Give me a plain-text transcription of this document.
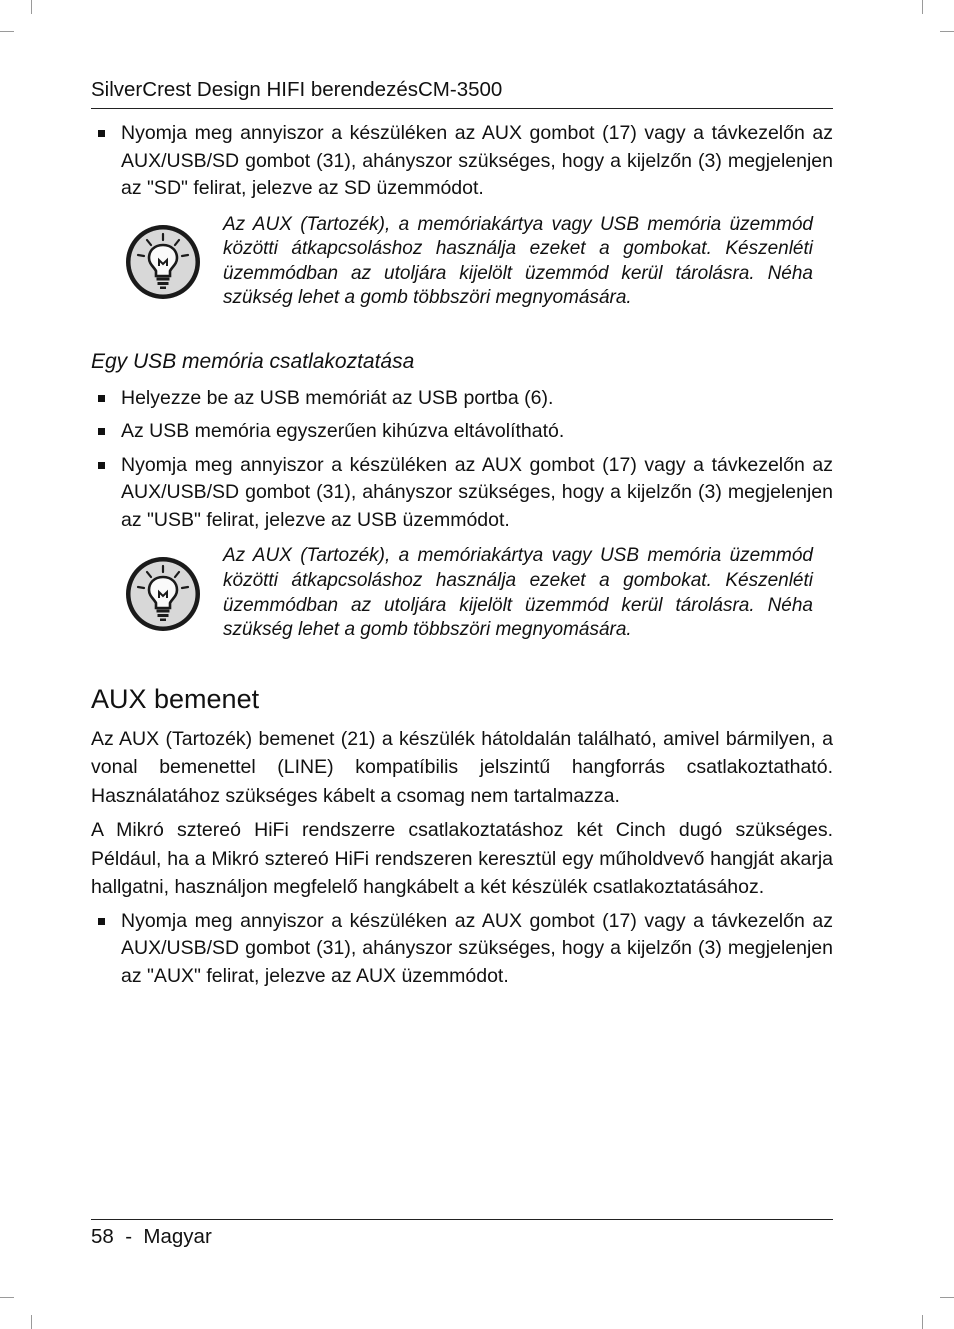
SilverCrest Design HIFI berendezésCM-3500
Nyomja meg annyiszor a készüléken az AUX gombot (17) vagy a távkezelőn az AUX/USB/SD gombot (31), ahányszor szükséges, hogy a kijelzőn (3) megjelenjen az "SD" felirat, jelezve az SD üzemmódot.
Az AUX (Tartozék), a memóriakártya vagy USB memória üzemmód közötti átkapcsoláshoz használja ezeket a gombokat. Készenléti üzemmódban az utoljára kijelölt üzemmód kerül tárolásra. Néha szükség lehet a gomb többszöri megnyomására.
Egy USB memória csatlakoztatása
Helyezze be az USB memóriát az USB portba (6).
Az USB memória egyszerűen kihúzva eltávolítható.
Nyomja meg annyiszor a készüléken az AUX gombot (17) vagy a távkezelőn az AUX/USB/SD gombot (31), ahányszor szükséges, hogy a kijelzőn (3) megjelenjen az "USB" felirat, jelezve az USB üzemmódot.
Az AUX (Tartozék), a memóriakártya vagy USB memória üzemmód közötti átkapcsoláshoz használja ezeket a gombokat. Készenléti üzemmódban az utoljára kijelölt üzemmód kerül tárolásra. Néha szükség lehet a gomb többszöri megnyomására.
AUX bemenet

Az AUX (Tartozék) bemenet (21) a készülék hátoldalán található, amivel bármilyen, a vonal bemenettel (LINE) kompatíbilis jelszintű hangforrás csatlakoztatható. Használatához szükséges kábelt a csomag nem tartalmazza.

A Mikró sztereó HiFi rendszerre csatlakoztatáshoz két Cinch dugó szükséges. Például, ha a Mikró sztereó HiFi rendszeren keresztül egy műholdvevő hangját akarja hallgatni, használjon megfelelő hangkábelt a két készülék csatlakoztatásához.

Nyomja meg annyiszor a készüléken az AUX gombot (17) vagy a távkezelőn az AUX/USB/SD gombot (31), ahányszor szükséges, hogy a kijelzőn (3) megjelenjen az "AUX" felirat, jelezve az AUX üzemmódot.
58  -  Magyar
